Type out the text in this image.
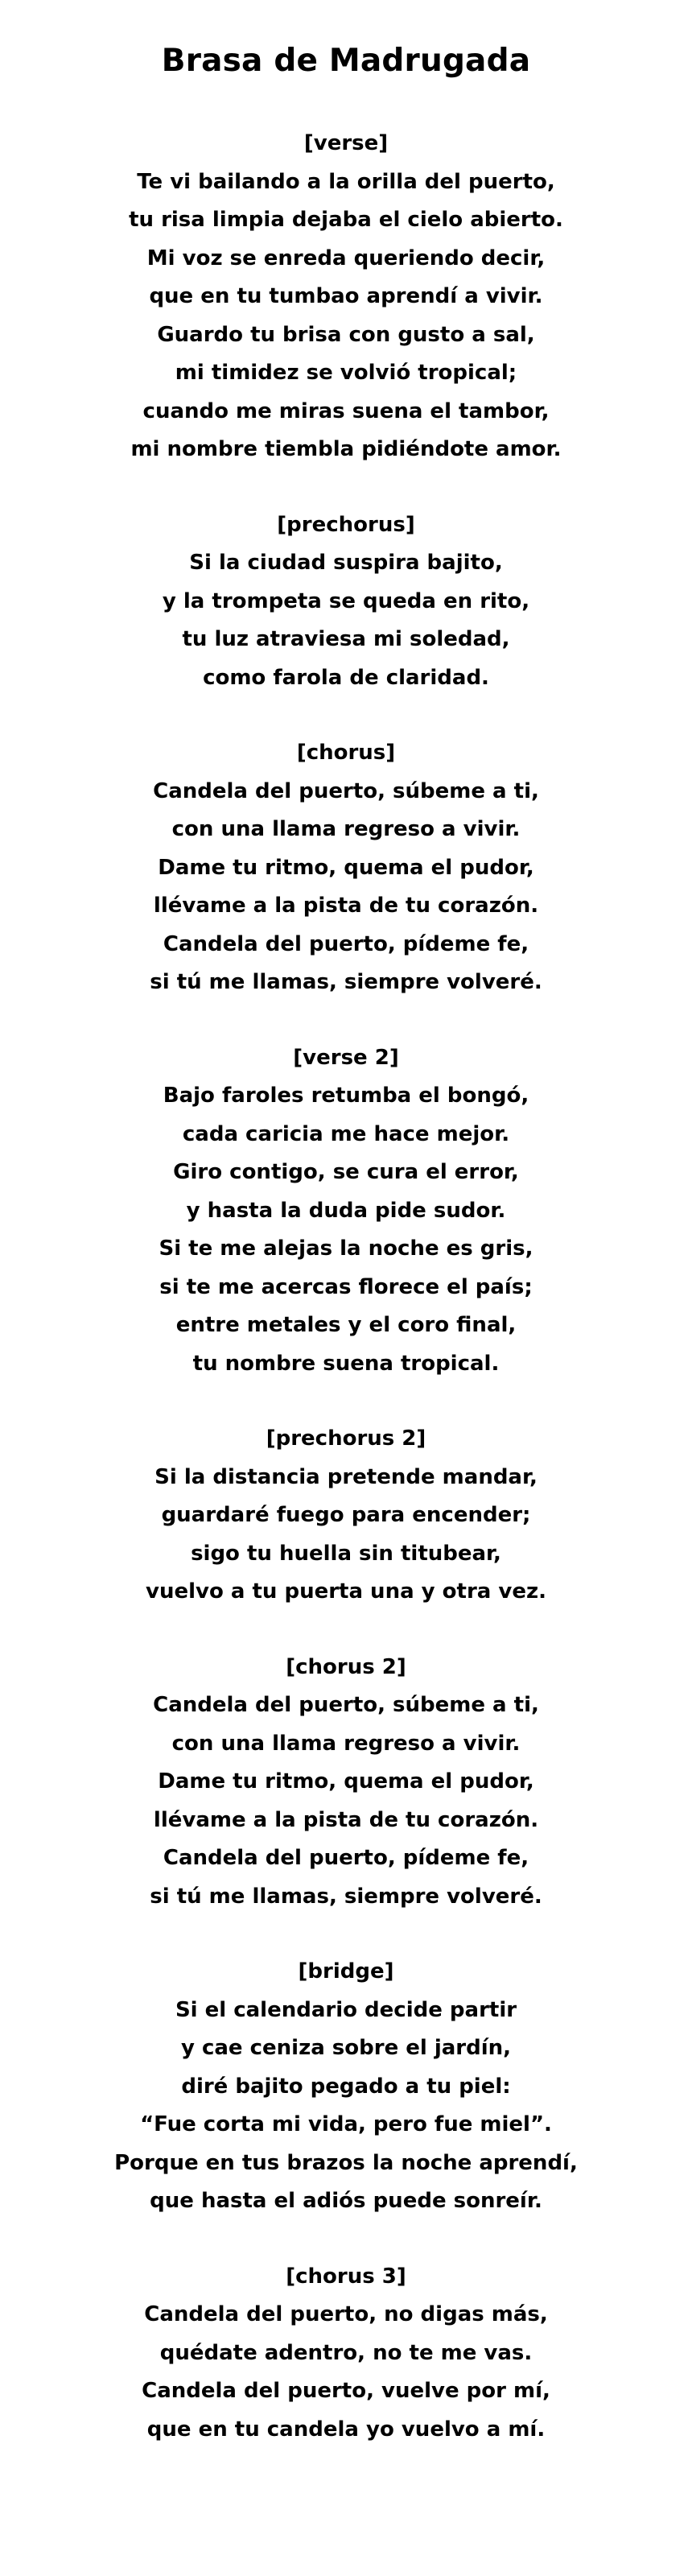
Brasa de Madrugada
[verse]
Te vi bailando a la orilla del puerto,
tu risa limpia dejaba el cielo abierto.
Mi voz se enreda queriendo decir,
que en tu tumbao aprendí a vivir.
Guardo tu brisa con gusto a sal,
mi timidez se volvió tropical;
cuando me miras suena el tambor,
mi nombre tiembla pidiéndote amor.
[prechorus]
Si la ciudad suspira bajito,
y la trompeta se queda en rito,
tu luz atraviesa mi soledad,
como farola de claridad.
[chorus]
Candela del puerto, súbeme a ti,
con una llama regreso a vivir.
Dame tu ritmo, quema el pudor,
llévame a la pista de tu corazón.
Candela del puerto, pídeme fe,
si tú me llamas, siempre volveré.
[verse 2]
Bajo faroles retumba el bongó,
cada caricia me hace mejor.
Giro contigo, se cura el error,
y hasta la duda pide sudor.
Si te me alejas la noche es gris,
si te me acercas florece el país;
entre metales y el coro final,
tu nombre suena tropical.
[prechorus 2]
Si la distancia pretende mandar,
guardaré fuego para encender;
sigo tu huella sin titubear,
vuelvo a tu puerta una y otra vez.
[chorus 2]
Candela del puerto, súbeme a ti,
con una llama regreso a vivir.
Dame tu ritmo, quema el pudor,
llévame a la pista de tu corazón.
Candela del puerto, pídeme fe,
si tú me llamas, siempre volveré.
[bridge]
Si el calendario decide partir
y cae ceniza sobre el jardín,
diré bajito pegado a tu piel:
“Fue corta mi vida, pero fue miel”.
Porque en tus brazos la noche aprendí,
que hasta el adiós puede sonreír.
[chorus 3]
Candela del puerto, no digas más,
quédate adentro, no te me vas.
Candela del puerto, vuelve por mí,
que en tu candela yo vuelvo a mí.
